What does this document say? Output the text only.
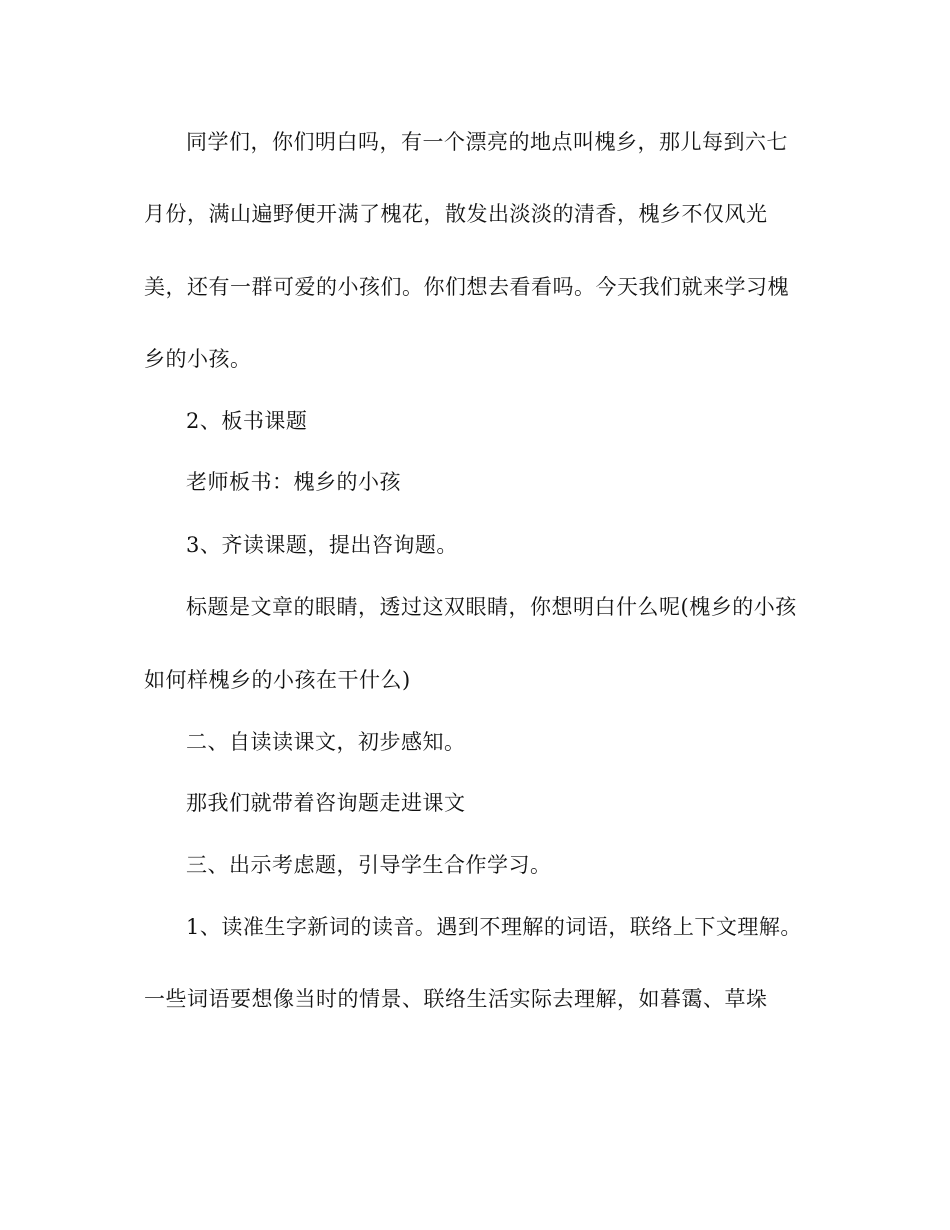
同学们，你们明白吗，有一个漂亮的地点叫槐乡，那儿每到六七
月份，满山遍野便开满了槐花，散发出淡淡的清香，槐乡不仅风光
美，还有一群可爱的小孩们。你们想去看看吗。今天我们就来学习槐
乡的小孩。
2、板书课题
老师板书：槐乡的小孩
3、齐读课题，提出咨询题。
标题是文章的眼睛，透过这双眼睛，你想明白什么呢(槐乡的小孩
如何样槐乡的小孩在干什么)
二、自读读课文，初步感知。
那我们就带着咨询题走进课文
三、出示考虑题，引导学生合作学习。
1、读准生字新词的读音。遇到不理解的词语，联络上下文理解。
一些词语要想像当时的情景、联络生活实际去理解，如暮霭、草垛
